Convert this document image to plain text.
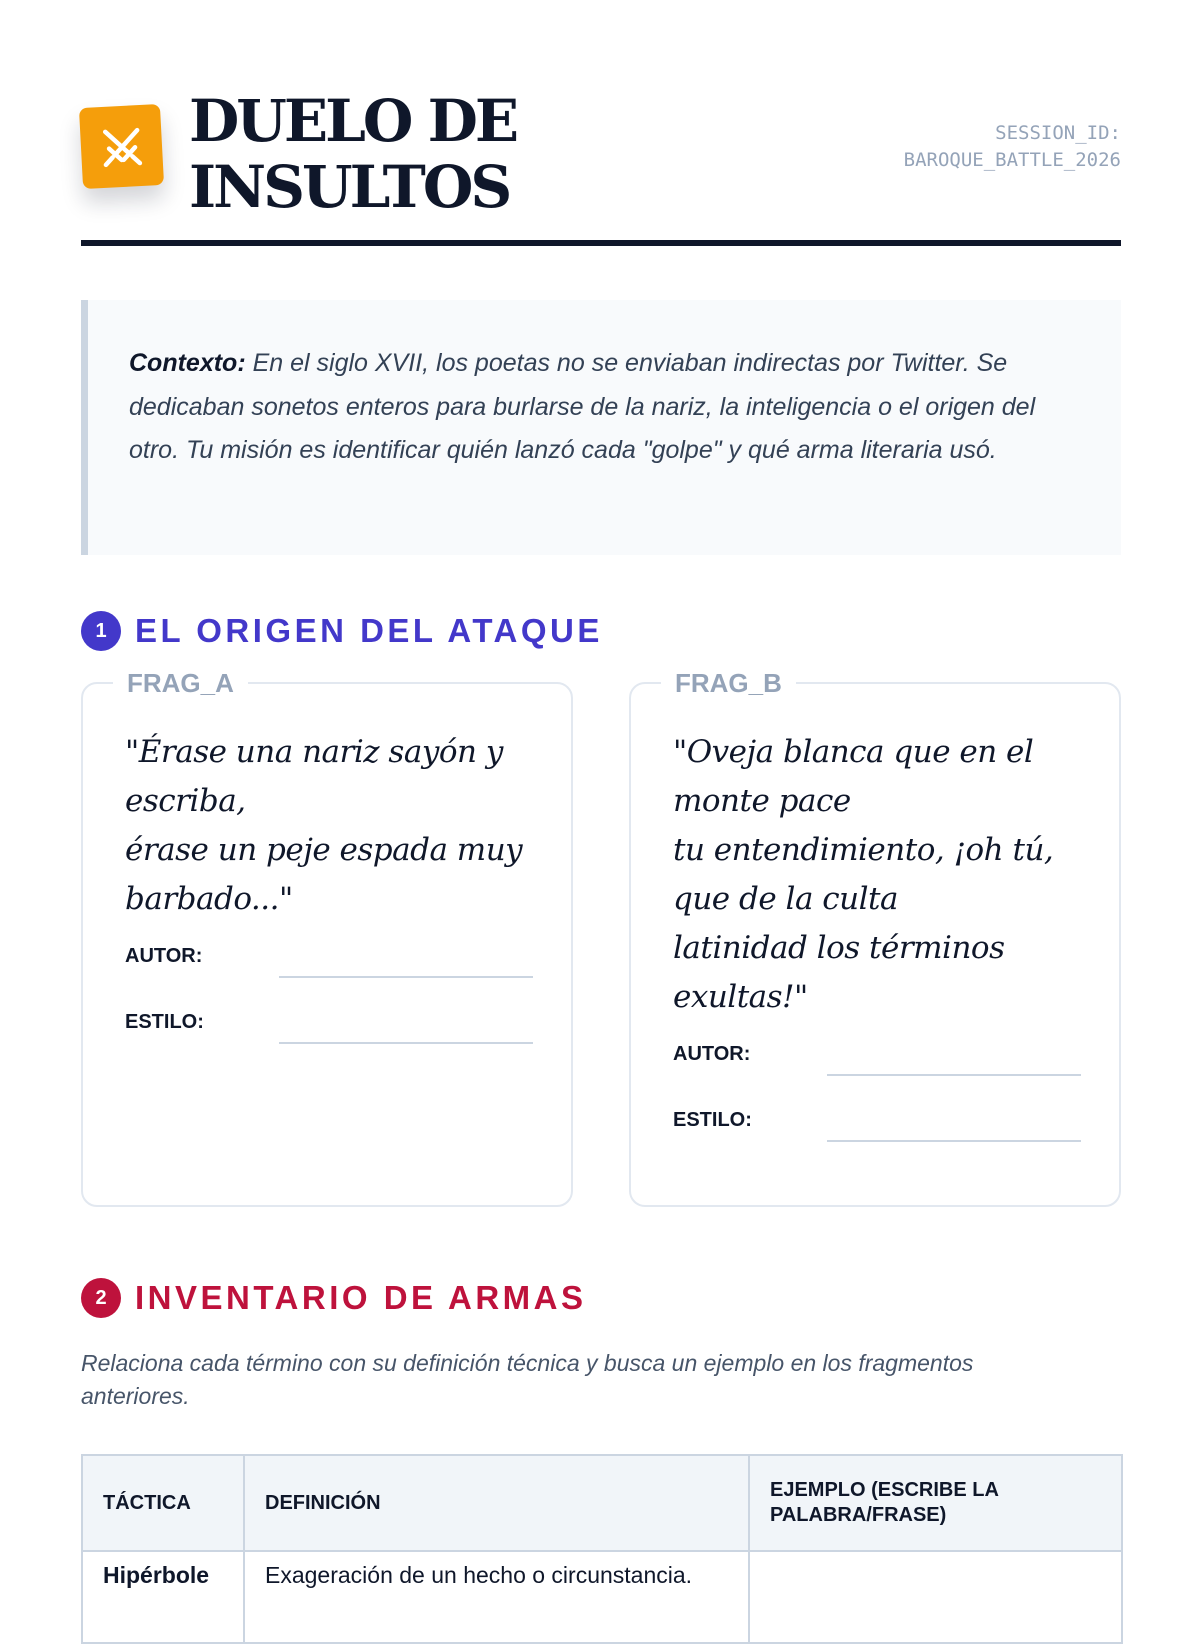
DUELO DE INSULTOS
SESSION_ID:
BAROQUE_BATTLE_2026
Contexto: En el siglo XVII, los poetas no se enviaban indirectas por Twitter. Se dedicaban sonetos enteros para burlarse de la nariz, la inteligencia o el origen del otro. Tu misión es identificar quién lanzó cada "golpe" y qué arma literaria usó.
1 EL ORIGEN DEL ATAQUE
FRAG_A
"Érase una nariz sayón y escriba,
érase un peje espada muy barbado..."
AUTOR:
ESTILO:
FRAG_B
"Oveja blanca que en el monte pace
tu entendimiento, ¡oh tú, que de la culta
latinidad los términos exultas!"
AUTOR:
ESTILO:
2 INVENTARIO DE ARMAS
Relaciona cada término con su definición técnica y busca un ejemplo en los fragmentos anteriores.
TÁCTICA	DEFINICIÓN	EJEMPLO (ESCRIBE LA PALABRA/FRASE)
Hipérbole	Exageración de un hecho o circunstancia.	
